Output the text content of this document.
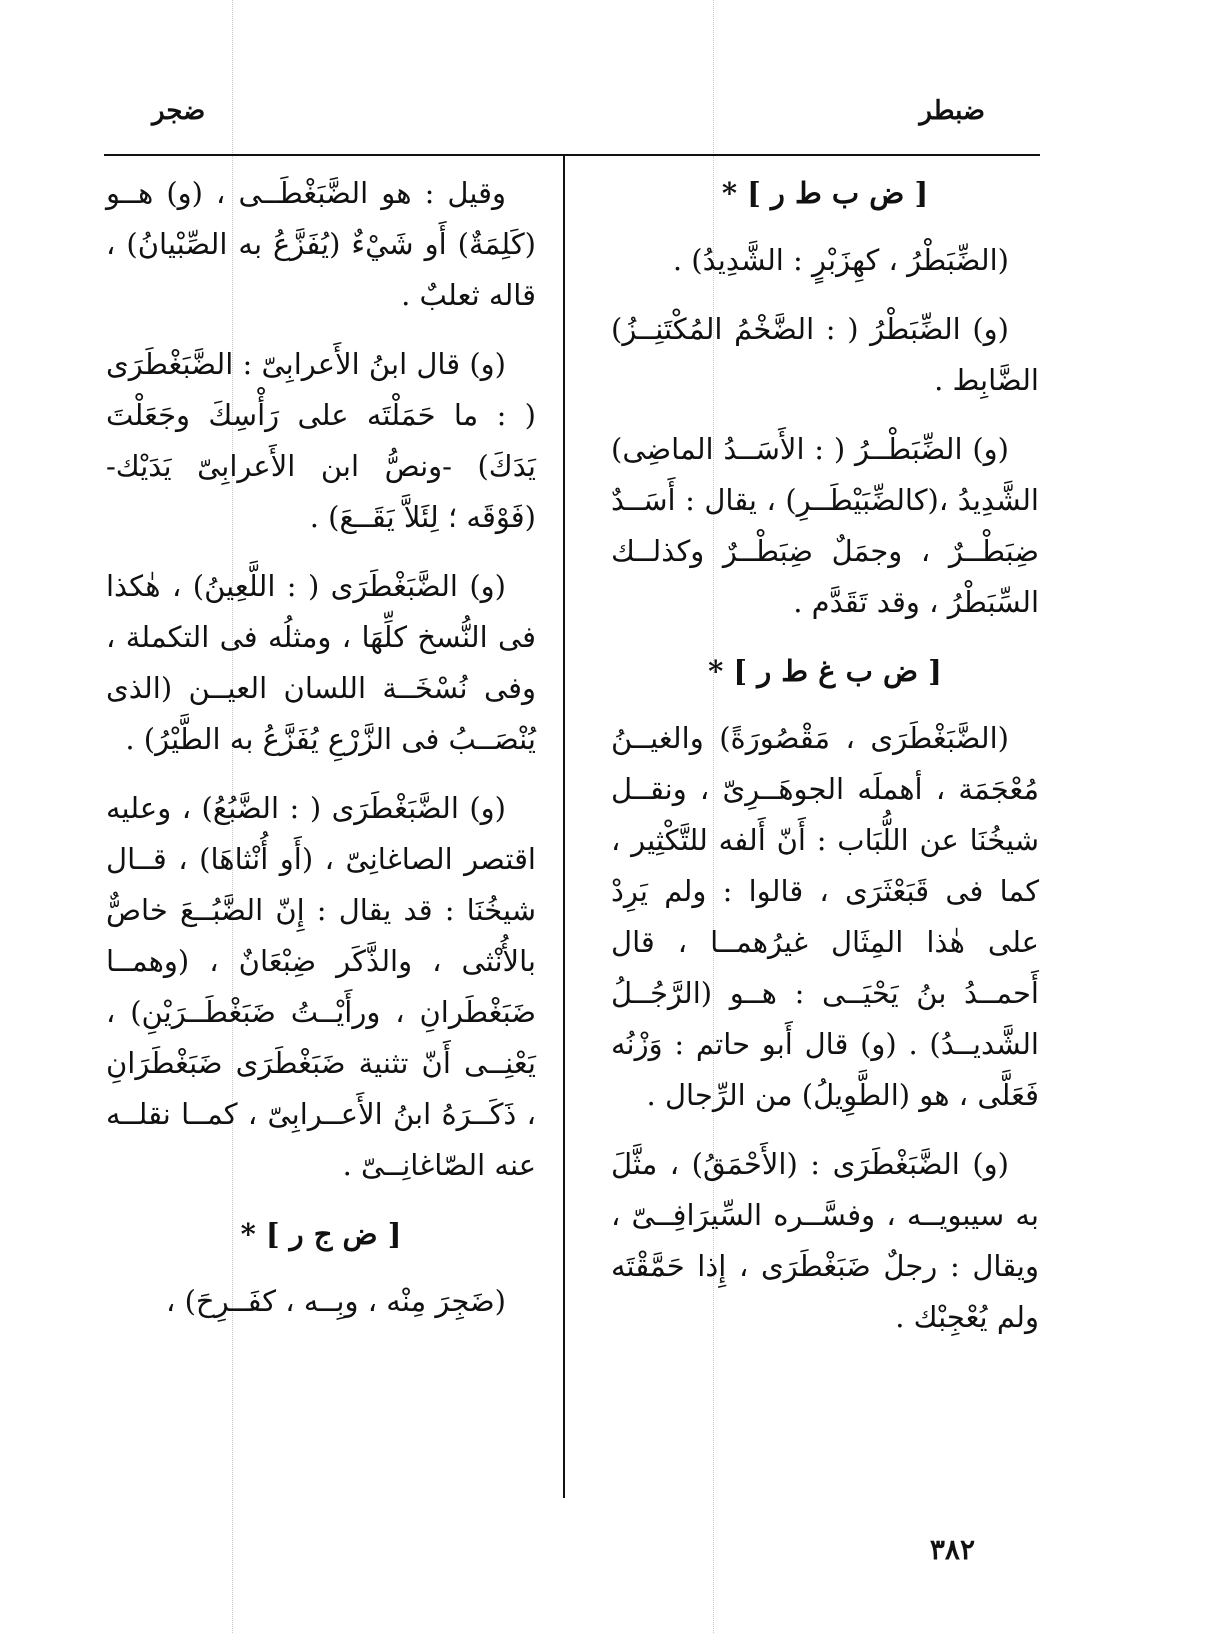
ضبطر
ضجر
[ ض ب ط ر ] *

(الضِّبَطْرُ ، كهِزَبْرٍ : الشَّدِيدُ) .

(و) الضِّبَطْرُ ( : الضَّخْمُ المُكْتَنِــزُ) الضَّابِط .

(و) الضِّبَطْــرُ ( : الأَسَــدُ الماضِى) الشَّدِيدُ ،(كالضِّبَيْطَــرِ) ، يقال : أَسَــدٌ ضِبَطْــرٌ ، وجمَلٌ ضِبَطْــرٌ وكذلــك السِّبَطْرُ ، وقد تَقَدَّم .

[ ض ب غ ط ر ] *

(الضَّبَغْطَرَى ، مَقْصُورَةً) والغيــنُ مُعْجَمَة ، أهملَه الجوهَــرِىّ ، ونقــل شيخُنَا عن اللُّبَاب : أَنّ أَلفه للتَّكْثِير ، كما فى قَبَعْثَرَى ، قالوا : ولم يَرِدْ على هٰذا المِثَال غيرُهمــا ، قال أَحمــدُ بنُ يَحْيَــى : هــو (الرَّجُــلُ الشَّديــدُ) . (و) قال أَبو حاتم : وَزْنُه فَعَلَّى ، هو (الطَّوِيلُ) من الرِّجال .

(و) الضَّبَغْطَرَى : (الأَحْمَقُ) ، مثَّلَ به سيبويــه ، وفسَّــره السِّيرَافِــىّ ، ويقال : رجلٌ ضَبَغْطَرَى ، إِذا حَمَّقْتَه ولم يُعْجِبْك .

وقيل : هو الضَّبَغْطَــى ، (و) هــو (كَلِمَةٌ) أَو شَيْءٌ (يُفَزَّعُ به الصِّبْيانُ) ، قاله ثعلبٌ .

(و) قال ابنُ الأَعرابِىّ : الضَّبَغْطَرَى ( : ما حَمَلْتَه على رَأْسِكَ وجَعَلْتَ يَدَكَ) -ونصُّ ابن الأَعرابِىّ يَدَيْك- (فَوْقَه ؛ لِئَلاَّ يَقَــعَ) .

(و) الضَّبَغْطَرَى ( : اللَّعِينُ) ، هٰكذا فى النُّسخ كلِّهَا ، ومثلُه فى التكملة ، وفى نُسْخَــة اللسان العيــن (الذى يُنْصَــبُ فى الزَّرْعِ يُفَزَّعُ به الطَّيْرُ) .

(و) الضَّبَغْطَرَى ( : الضَّبُعُ) ، وعليه اقتصر الصاغانِىّ ، (أَو أُنْثاهَا) ، قــال شيخُنَا : قد يقال : إِنّ الضَّبُــعَ خاصٌّ بالأُنْثى ، والذَّكَر ضِبْعَانٌ ، (وهمــا ضَبَغْطَرانِ ، ورأَيْــتُ ضَبَغْطَــرَيْنِ) ، يَعْنِــى أَنّ تثنية ضَبَغْطَرَى ضَبَغْطَرَانِ ، ذَكَــرَهُ ابنُ الأَعــرابِىّ ، كمــا نقلــه عنه الصّاغانِــىّ .

[ ض ج ر ] *

(ضَجِرَ مِنْه ، وبِــه ، كفَــرِحَ) ،

٣٨٢
